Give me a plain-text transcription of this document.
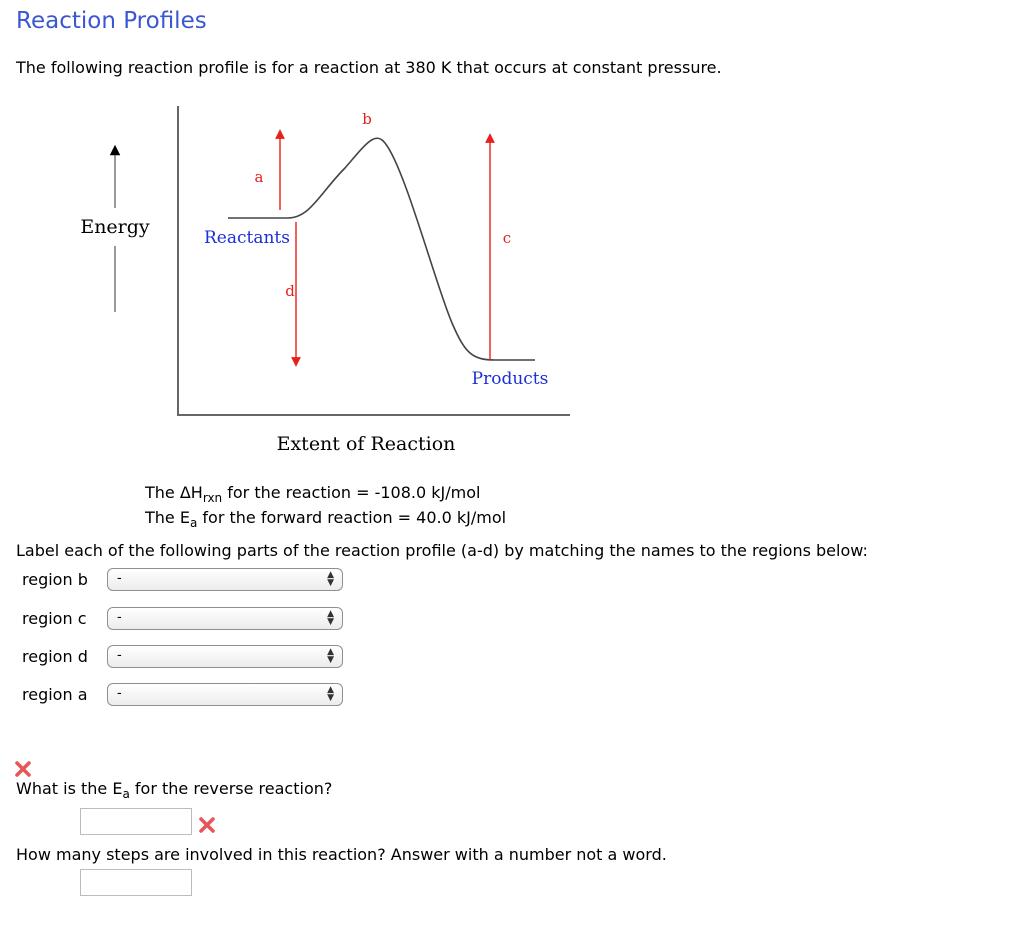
Reaction Profiles
The following reaction profile is for a reaction at 380 K that occurs at constant pressure.
Energy
a
b
c
d
Reactants
Products
Extent of Reaction
The $\Delta H_{rxn}$ for the reaction = -108.0 kJ/mol
The $E_a$ for the forward reaction = 40.0 kJ/mol
Label each of the following parts of the reaction profile (a-d) by matching the names to the regions below:
region b	-	▲
▼
region c	-	▲
▼
region d	-	▲
▼
region a	-	▲
▼
What is the $E_a$ for the reverse reaction?
How many steps are involved in this reaction? Answer with a number not a word.
